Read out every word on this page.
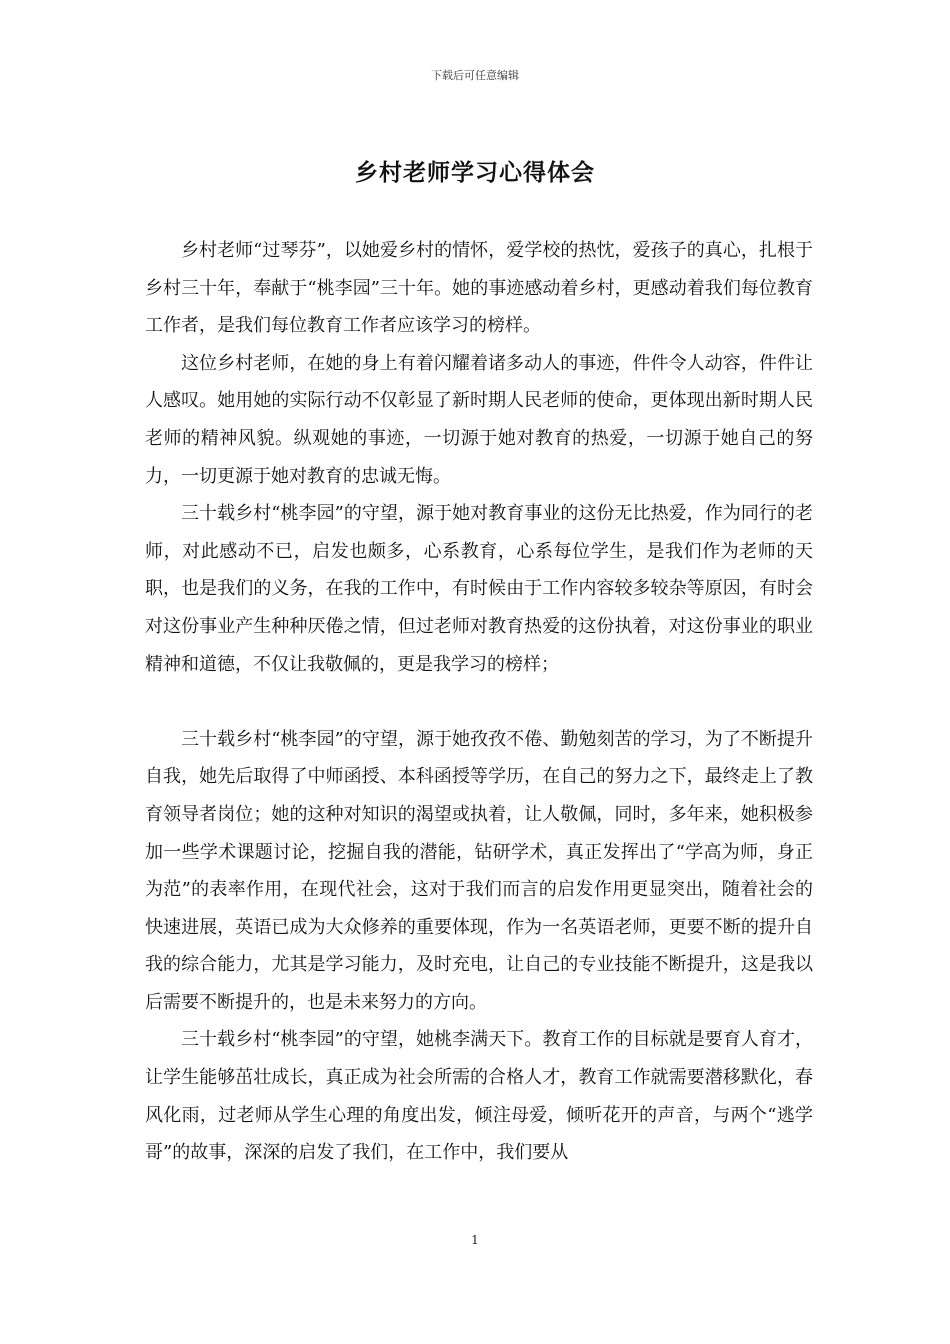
下载后可任意编辑
乡村老师学习心得体会

乡村老师“过琴芬”，以她爱乡村的情怀，爱学校的热忱，爱孩子的真心，扎根于乡村三十年，奉献于“桃李园”三十年。她的事迹感动着乡村，更感动着我们每位教育工作者，是我们每位教育工作者应该学习的榜样。

这位乡村老师，在她的身上有着闪耀着诸多动人的事迹，件件令人动容，件件让人感叹。她用她的实际行动不仅彰显了新时期人民老师的使命，更体现出新时期人民老师的精神风貌。纵观她的事迹，一切源于她对教育的热爱，一切源于她自己的努力，一切更源于她对教育的忠诚无悔。

三十载乡村“桃李园”的守望，源于她对教育事业的这份无比热爱，作为同行的老师，对此感动不已，启发也颇多，心系教育，心系每位学生，是我们作为老师的天职，也是我们的义务，在我的工作中，有时候由于工作内容较多较杂等原因，有时会对这份事业产生种种厌倦之情，但过老师对教育热爱的这份执着，对这份事业的职业精神和道德，不仅让我敬佩的，更是我学习的榜样；

三十载乡村“桃李园”的守望，源于她孜孜不倦、勤勉刻苦的学习，为了不断提升自我，她先后取得了中师函授、本科函授等学历，在自己的努力之下，最终走上了教育领导者岗位；她的这种对知识的渴望或执着，让人敬佩，同时，多年来，她积极参加一些学术课题讨论，挖掘自我的潜能，钻研学术，真正发挥出了“学高为师，身正为范”的表率作用，在现代社会，这对于我们而言的启发作用更显突出，随着社会的快速进展，英语已成为大众修养的重要体现，作为一名英语老师，更要不断的提升自我的综合能力，尤其是学习能力，及时充电，让自己的专业技能不断提升，这是我以后需要不断提升的，也是未来努力的方向。

三十载乡村“桃李园”的守望，她桃李满天下。教育工作的目标就是要育人育才，让学生能够茁壮成长，真正成为社会所需的合格人才，教育工作就需要潜移默化，春风化雨，过老师从学生心理的角度出发，倾注母爱，倾听花开的声音，与两个“逃学哥”的故事，深深的启发了我们，在工作中，我们要从

1
